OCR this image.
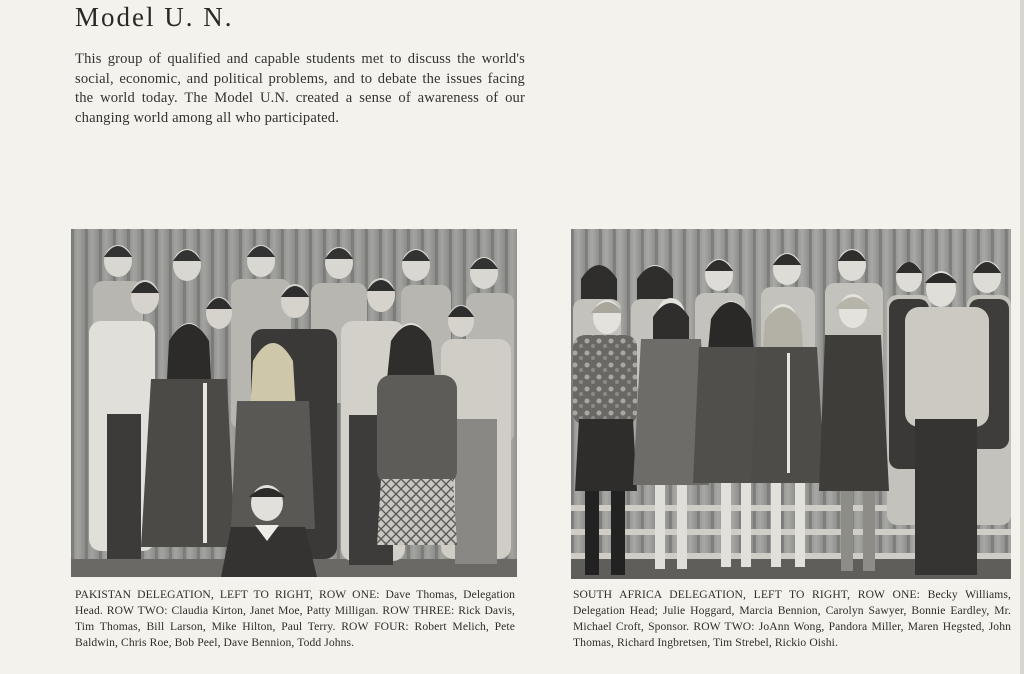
Model U. N.

This group of qualified and capable students met to discuss the world's social, economic, and political problems, and to debate the issues facing the world today. The Model U.N. created a sense of awareness of our changing world among all who participated.

PAKISTAN DELEGATION, LEFT TO RIGHT, ROW ONE: Dave Thomas, Delegation Head. ROW TWO: Claudia Kirton, Janet Moe, Patty Milligan. ROW THREE: Rick Davis, Tim Thomas, Bill Larson, Mike Hilton, Paul Terry. ROW FOUR: Robert Melich, Pete Baldwin, Chris Roe, Bob Peel, Dave Bennion, Todd Johns.

SOUTH AFRICA DELEGATION, LEFT TO RIGHT, ROW ONE: Becky Williams, Delegation Head; Julie Hoggard, Marcia Bennion, Carolyn Sawyer, Bonnie Eardley, Mr. Michael Croft, Sponsor. ROW TWO: JoAnn Wong, Pandora Miller, Maren Hegsted, John Thomas, Richard Ingbretsen, Tim Strebel, Rickio Oishi.
